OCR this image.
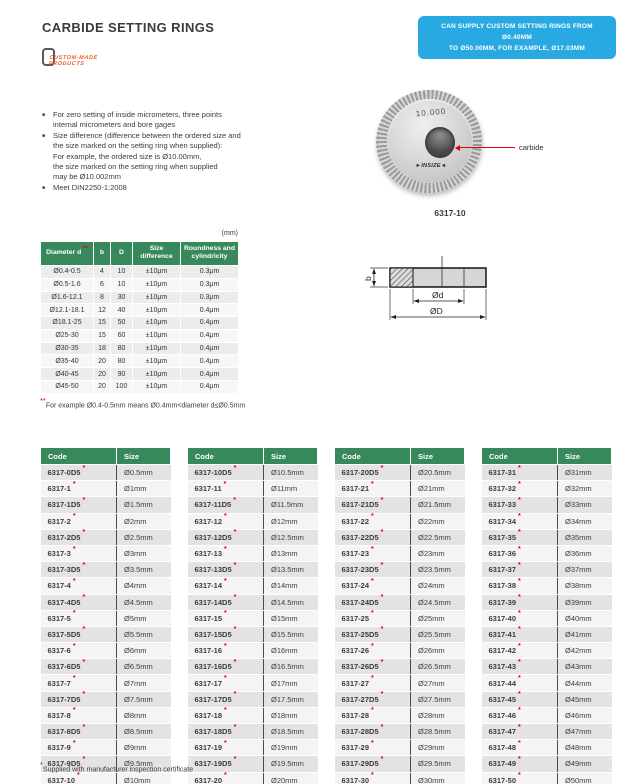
CARBIDE SETTING RINGS	CAN SUPPLY CUSTOM SETTING RINGS FROM Ø0.40MM
TO Ø50.00MM, FOR EXAMPLE, Ø17.03MM
CUSTOM-MADE
PRODUCTS
■ For zero setting of inside micrometers, three points
internal micrometers and bore gages
■ Size difference (difference between the ordered size and
the size marked on the setting ring when supplied):
For example, the ordered size is Ø10.00mm,
the size marked on the setting ring when supplied
may be Ø10.002mm
■ Meet DIN2250-1:2008
10.000
►INSIZE◄
carbide
6317-10
(mm)
Diameter d **	b	D	Size difference	Roundness and cylindricity
Ø0.4-0.5	4	10	±10μm	0.3μm
Ø0.5-1.6	6	10	±10μm	0.3μm
Ø1.6-12.1	8	30	±10μm	0.3μm
Ø12.1-18.1	12	40	±10μm	0.4μm
Ø18.1-25	15	50	±10μm	0.4μm
Ø25-30	15	60	±10μm	0.4μm
Ø30-35	18	80	±10μm	0.4μm
Ø35-40	20	80	±10μm	0.4μm
Ø40-45	20	90	±10μm	0.4μm
Ø45-50	20	100	±10μm	0.4μm
**For example Ø0.4-0.5mm means Ø0.4mm<diameter d≤Ø0.5mm
b
Ød
ØD
Code	Size
6317-0D5 *	Ø0.5mm
6317-1 *	Ø1mm
6317-1D5 *	Ø1.5mm
6317-2 *	Ø2mm
6317-2D5 *	Ø2.5mm
6317-3 *	Ø3mm
6317-3D5 *	Ø3.5mm
6317-4 *	Ø4mm
6317-4D5 *	Ø4.5mm
6317-5 *	Ø5mm
6317-5D5 *	Ø5.5mm
6317-6 *	Ø6mm
6317-6D5 *	Ø6.5mm
6317-7 *	Ø7mm
6317-7D5 *	Ø7.5mm
6317-8 *	Ø8mm
6317-8D5 *	Ø8.5mm
6317-9 *	Ø9mm
6317-9D5 *	Ø9.5mm
6317-10 *	Ø10mm
Code	Size
6317-10D5 *	Ø10.5mm
6317-11 *	Ø11mm
6317-11D5 *	Ø11.5mm
6317-12 *	Ø12mm
6317-12D5 *	Ø12.5mm
6317-13 *	Ø13mm
6317-13D5 *	Ø13.5mm
6317-14 *	Ø14mm
6317-14D5 *	Ø14.5mm
6317-15 *	Ø15mm
6317-15D5 *	Ø15.5mm
6317-16 *	Ø16mm
6317-16D5 *	Ø16.5mm
6317-17 *	Ø17mm
6317-17D5 *	Ø17.5mm
6317-18 *	Ø18mm
6317-18D5 *	Ø18.5mm
6317-19 *	Ø19mm
6317-19D5 *	Ø19.5mm
6317-20 *	Ø20mm
Code	Size
6317-20D5 *	Ø20.5mm
6317-21 *	Ø21mm
6317-21D5 *	Ø21.5mm
6317-22 *	Ø22mm
6317-22D5 *	Ø22.5mm
6317-23 *	Ø23mm
6317-23D5 *	Ø23.5mm
6317-24 *	Ø24mm
6317-24D5 *	Ø24.5mm
6317-25 *	Ø25mm
6317-25D5 *	Ø25.5mm
6317-26 *	Ø26mm
6317-26D5 *	Ø26.5mm
6317-27 *	Ø27mm
6317-27D5 *	Ø27.5mm
6317-28 *	Ø28mm
6317-28D5 *	Ø28.5mm
6317-29 *	Ø29mm
6317-29D5 *	Ø29.5mm
6317-30 *	Ø30mm
Code	Size
6317-31 *	Ø31mm
6317-32 *	Ø32mm
6317-33 *	Ø33mm
6317-34 *	Ø34mm
6317-35 *	Ø35mm
6317-36 *	Ø36mm
6317-37 *	Ø37mm
6317-38 *	Ø38mm
6317-39 *	Ø39mm
6317-40 *	Ø40mm
6317-41 *	Ø41mm
6317-42 *	Ø42mm
6317-43 *	Ø43mm
6317-44 *	Ø44mm
6317-45 *	Ø45mm
6317-46 *	Ø46mm
6317-47 *	Ø47mm
6317-48 *	Ø48mm
6317-49 *	Ø49mm
6317-50 *	Ø50mm
*Supplied with manufacturer inspection certificate
